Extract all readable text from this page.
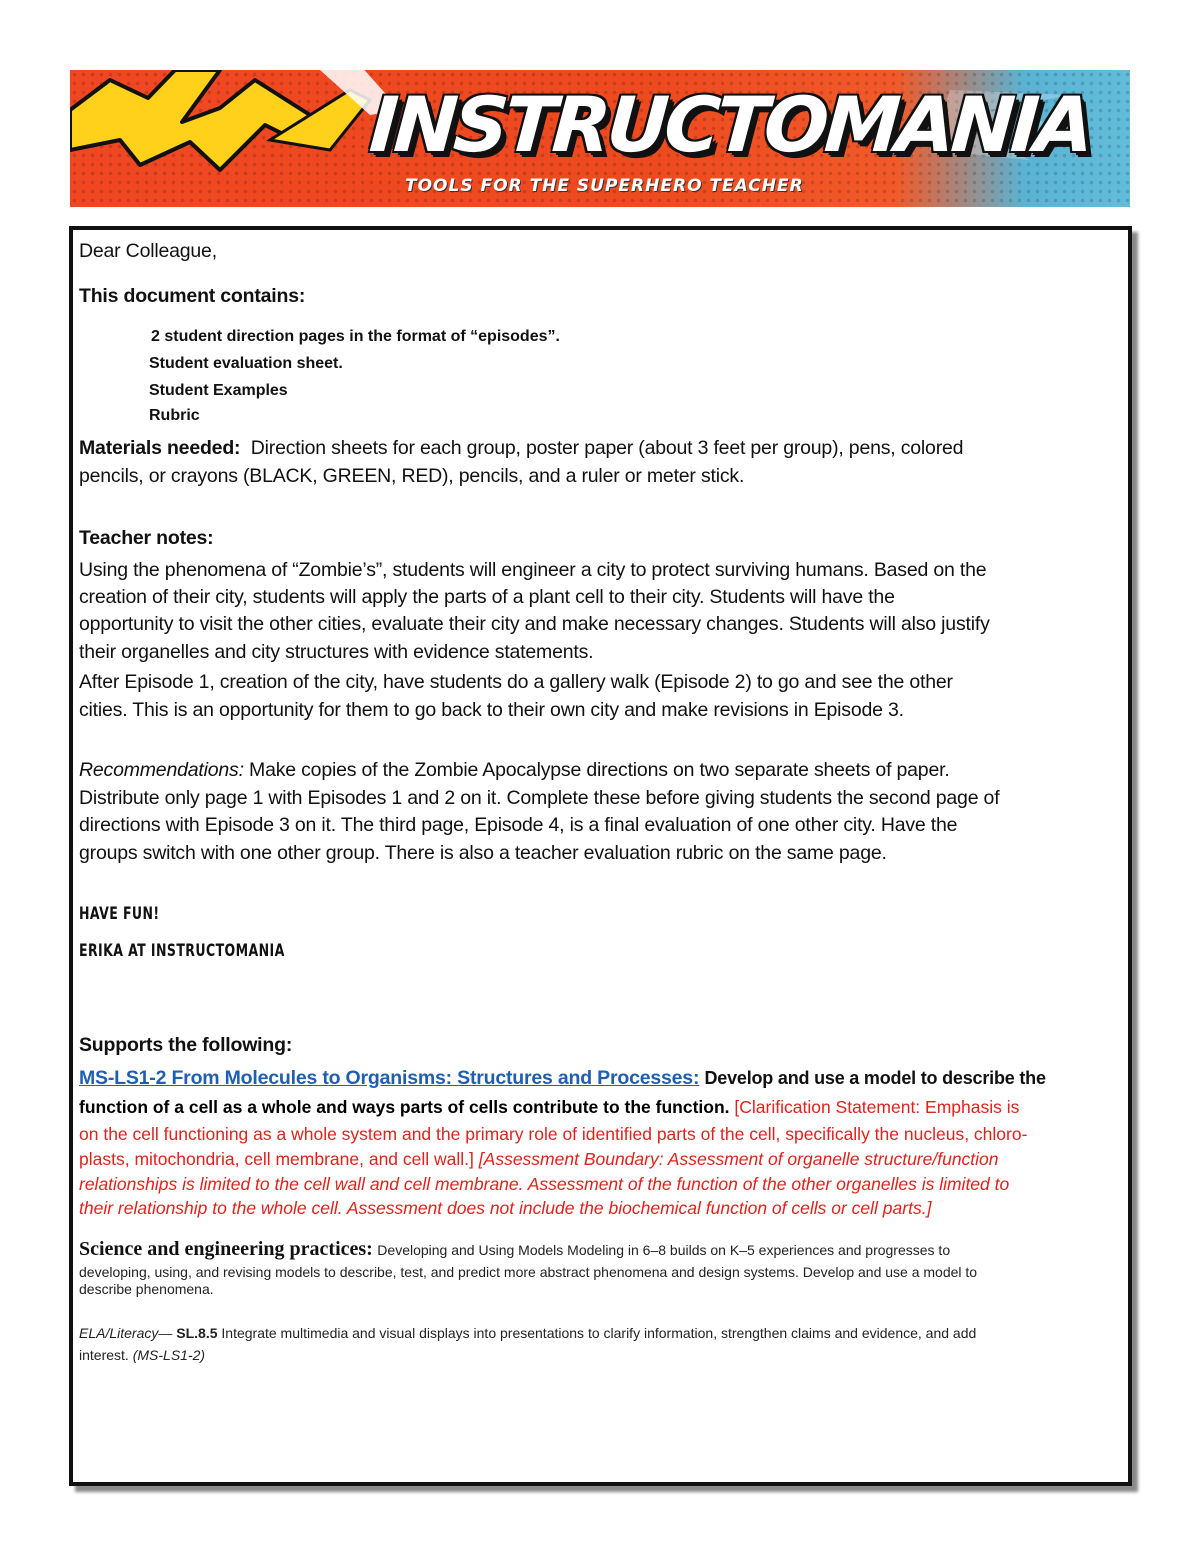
INSTRUCTOMANIA
TOOLS FOR THE SUPERHERO TEACHER
Dear Colleague,
This document contains:
2 student direction pages in the format of “episodes”.
Student evaluation sheet.
Student Examples
Rubric
Materials needed: Direction sheets for each group, poster paper (about 3 feet per group), pens, colored
pencils, or crayons (BLACK, GREEN, RED), pencils, and a ruler or meter stick.
Teacher notes:
Using the phenomena of “Zombie’s”, students will engineer a city to protect surviving humans. Based on the
creation of their city, students will apply the parts of a plant cell to their city. Students will have the
opportunity to visit the other cities, evaluate their city and make necessary changes. Students will also justify
their organelles and city structures with evidence statements.
After Episode 1, creation of the city, have students do a gallery walk (Episode 2) to go and see the other
cities. This is an opportunity for them to go back to their own city and make revisions in Episode 3.
Recommendations: Make copies of the Zombie Apocalypse directions on two separate sheets of paper.
Distribute only page 1 with Episodes 1 and 2 on it. Complete these before giving students the second page of
directions with Episode 3 on it. The third page, Episode 4, is a final evaluation of one other city. Have the
groups switch with one other group. There is also a teacher evaluation rubric on the same page.
HAVE FUN!
ERIKA AT INSTRUCTOMANIA
Supports the following:
MS-LS1-2 From Molecules to Organisms: Structures and Processes: Develop and use a model to describe the
function of a cell as a whole and ways parts of cells contribute to the function. [Clarification Statement: Emphasis is
on the cell functioning as a whole system and the primary role of identified parts of the cell, specifically the nucleus, chloro-
plasts, mitochondria, cell membrane, and cell wall.] [Assessment Boundary: Assessment of organelle structure/function
relationships is limited to the cell wall and cell membrane. Assessment of the function of the other organelles is limited to
their relationship to the whole cell. Assessment does not include the biochemical function of cells or cell parts.]
Science and engineering practices: Developing and Using Models Modeling in 6–8 builds on K–5 experiences and progresses to
developing, using, and revising models to describe, test, and predict more abstract phenomena and design systems. Develop and use a model to
describe phenomena.
ELA/Literacy— SL.8.5 Integrate multimedia and visual displays into presentations to clarify information, strengthen claims and evidence, and add
interest. (MS-LS1-2)
